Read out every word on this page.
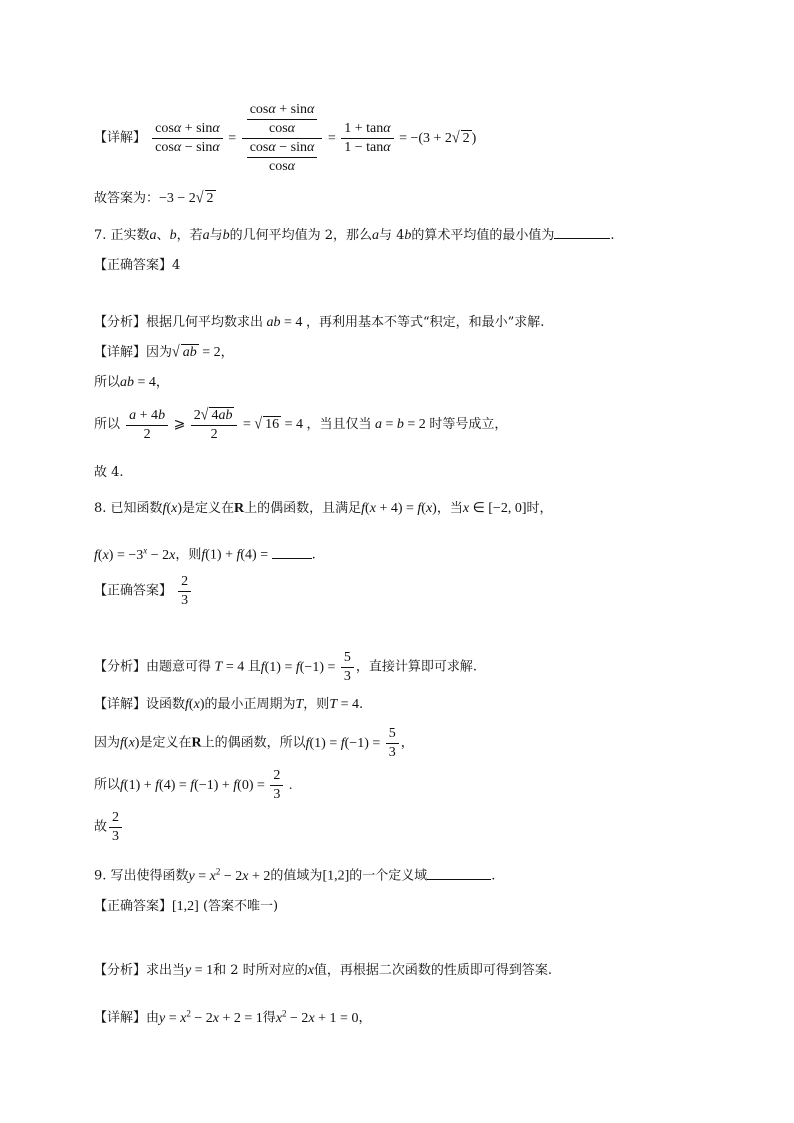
【详解】 $\frac{\cos\alpha + \sin\alpha}{\cos\alpha - \sin\alpha} = \frac{\frac{\cos\alpha + \sin\alpha}{\cos\alpha}}{\frac{\cos\alpha - \sin\alpha}{\cos\alpha}} = \frac{1 + \tan\alpha}{1 - \tan\alpha} = -(3 + 2√$ 2 )
故答案为：−3 − 2√ 2
7. 正实数a、b，若a与b的几何平均值为 2，那么a与 4b的算术平均值的最小值为	.
【正确答案】4
【分析】根据几何平均数求出 ab = 4 ，再利用基本不等式“积定，和最小”求解.
【详解】因为√ ab = 2，
所以ab = 4，
所以 $\frac{a + 4b}{2}$ ⩾ $\frac{2√ 4ab}{2}$ = √ 16 = 4 ，当且仅当 a = b = 2 时等号成立，
故 4.
8. 已知函数f(x)是定义在R上的偶函数，且满足f(x + 4) = f(x)，当x ∈ [−2, 0]时，
$f(x) = -3^x - 2x$，则f(1) + f(4) =	.
【正确答案】 $\frac{2}{3}$
【分析】由题意可得 T = 4 且$f(1) = f(-1) = \frac{5}{3}$ ，直接计算即可求解.
【详解】设函数f(x)的最小正周期为T，则T = 4.
因为f(x)是定义在R上的偶函数，所以$f(1) = f(-1) = \frac{5}{3}$ ，
所以$f(1) + f(4) = f(-1) + f(0) = \frac{2}{3}$ .
故 $\frac{2}{3}$
9. 写出使得函数$y = x^2 - 2x + 2$的值域为[1,2]的一个定义域	.
【正确答案】[1,2] (答案不唯一)
【分析】求出当y = 1和 2 时所对应的x值，再根据二次函数的性质即可得到答案.
【详解】由$y = x^2 - 2x + 2 = 1$得$x^2 - 2x + 1 = 0$，
